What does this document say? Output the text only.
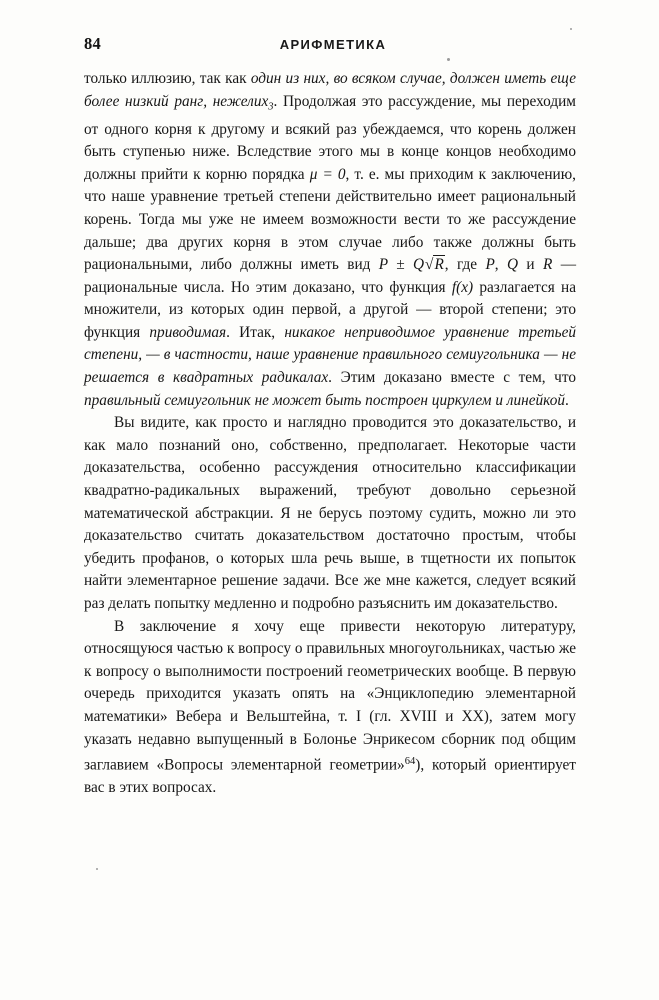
84	АРИФМЕТИКА

только иллюзию, так как один из них, во всяком случае, должен иметь еще более низкий ранг, нежелиx$_3$. Продолжая это рассуждение, мы переходим от одного корня к другому и всякий раз убеждаемся, что корень должен быть ступенью ниже. Вследствие этого мы в конце концов необходимо должны прийти к корню порядка μ = 0, т. е. мы приходим к заключению, что наше уравнение третьей степени действительно имеет рациональный корень. Тогда мы уже не имеем возможности вести то же рассуждение дальше; два других корня в этом случае либо также должны быть рациональными, либо должны иметь вид P ± Q√R, где P, Q и R — рациональные числа. Но этим доказано, что функция f(x) разлагается на множители, из которых один первой, а другой — второй степени; это функция приводимая. Итак, никакое неприводимое уравнение третьей степени, — в частности, наше уравнение правильного семиугольника — не решается в квадратных радикалах. Этим доказано вместе с тем, что правильный семиугольник не может быть построен циркулем и линейкой.

Вы видите, как просто и наглядно проводится это доказательство, и как мало познаний оно, собственно, предполагает. Некоторые части доказательства, особенно рассуждения относительно классификации квадратно-радикальных выражений, требуют довольно серьезной математической абстракции. Я не берусь поэтому судить, можно ли это доказательство считать доказательством достаточно простым, чтобы убедить профанов, о которых шла речь выше, в тщетности их попыток найти элементарное решение задачи. Все же мне кажется, следует всякий раз делать попытку медленно и подробно разъяснить им доказательство.

В заключение я хочу еще привести некоторую литературу, относящуюся частью к вопросу о правильных многоугольниках, частью же к вопросу о выполнимости построений геометрических вообще. В первую очередь приходится указать опять на «Энциклопедию элементарной математики» Вебера и Вельштейна, т. I (гл. XVIII и XX), затем могу указать недавно выпущенный в Болонье Энрикесом сборник под общим заглавием «Вопросы элементарной геометрии»$^{64}$), который ориентирует вас в этих вопросах.
